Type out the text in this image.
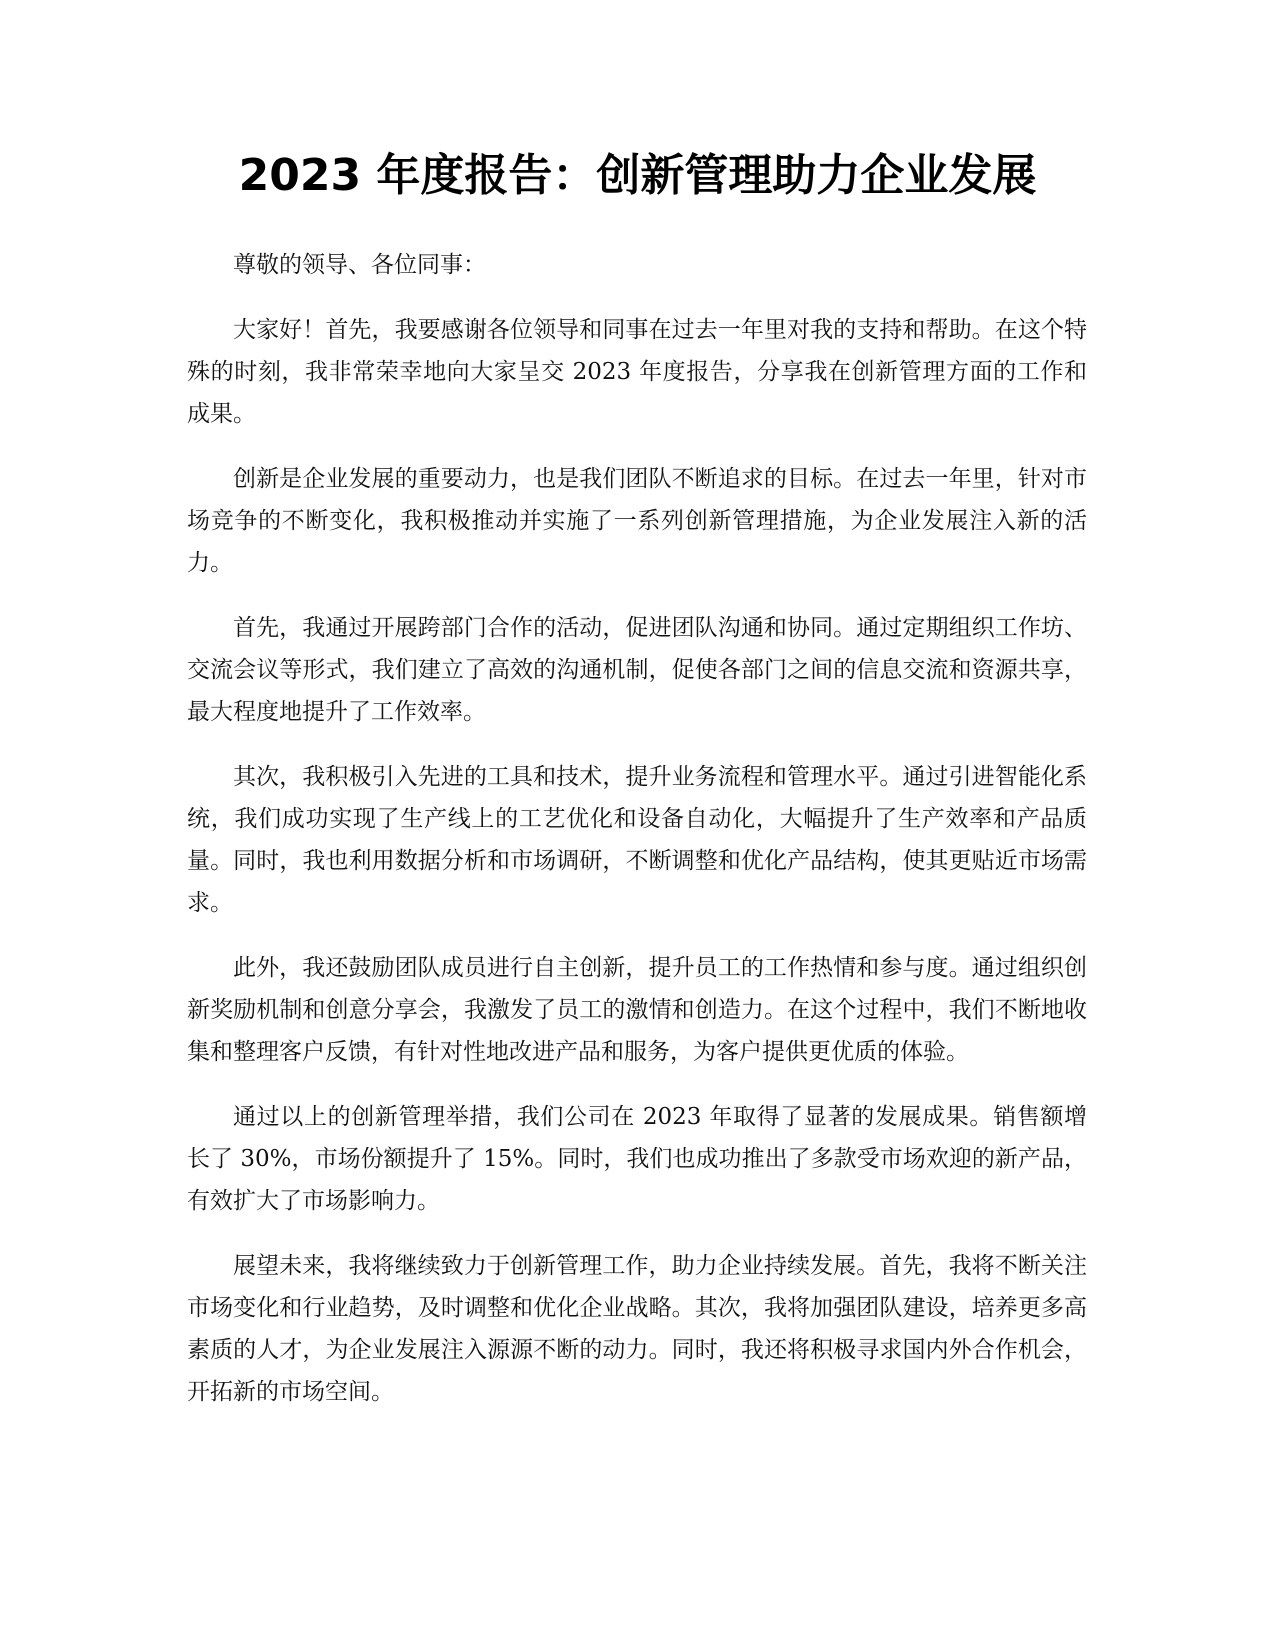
2023 年度报告：创新管理助力企业发展

尊敬的领导、各位同事：

大家好！首先，我要感谢各位领导和同事在过去一年里对我的支持和帮助。在这个特殊的时刻，我非常荣幸地向大家呈交 2023 年度报告，分享我在创新管理方面的工作和成果。

创新是企业发展的重要动力，也是我们团队不断追求的目标。在过去一年里，针对市场竞争的不断变化，我积极推动并实施了一系列创新管理措施，为企业发展注入新的活力。

首先，我通过开展跨部门合作的活动，促进团队沟通和协同。通过定期组织工作坊、交流会议等形式，我们建立了高效的沟通机制，促使各部门之间的信息交流和资源共享，最大程度地提升了工作效率。

其次，我积极引入先进的工具和技术，提升业务流程和管理水平。通过引进智能化系统，我们成功实现了生产线上的工艺优化和设备自动化，大幅提升了生产效率和产品质量。同时，我也利用数据分析和市场调研，不断调整和优化产品结构，使其更贴近市场需求。

此外，我还鼓励团队成员进行自主创新，提升员工的工作热情和参与度。通过组织创新奖励机制和创意分享会，我激发了员工的激情和创造力。在这个过程中，我们不断地收集和整理客户反馈，有针对性地改进产品和服务，为客户提供更优质的体验。

通过以上的创新管理举措，我们公司在 2023 年取得了显著的发展成果。销售额增长了 30%，市场份额提升了 15%。同时，我们也成功推出了多款受市场欢迎的新产品，有效扩大了市场影响力。

展望未来，我将继续致力于创新管理工作，助力企业持续发展。首先，我将不断关注市场变化和行业趋势，及时调整和优化企业战略。其次，我将加强团队建设，培养更多高素质的人才，为企业发展注入源源不断的动力。同时，我还将积极寻求国内外合作机会，开拓新的市场空间。
